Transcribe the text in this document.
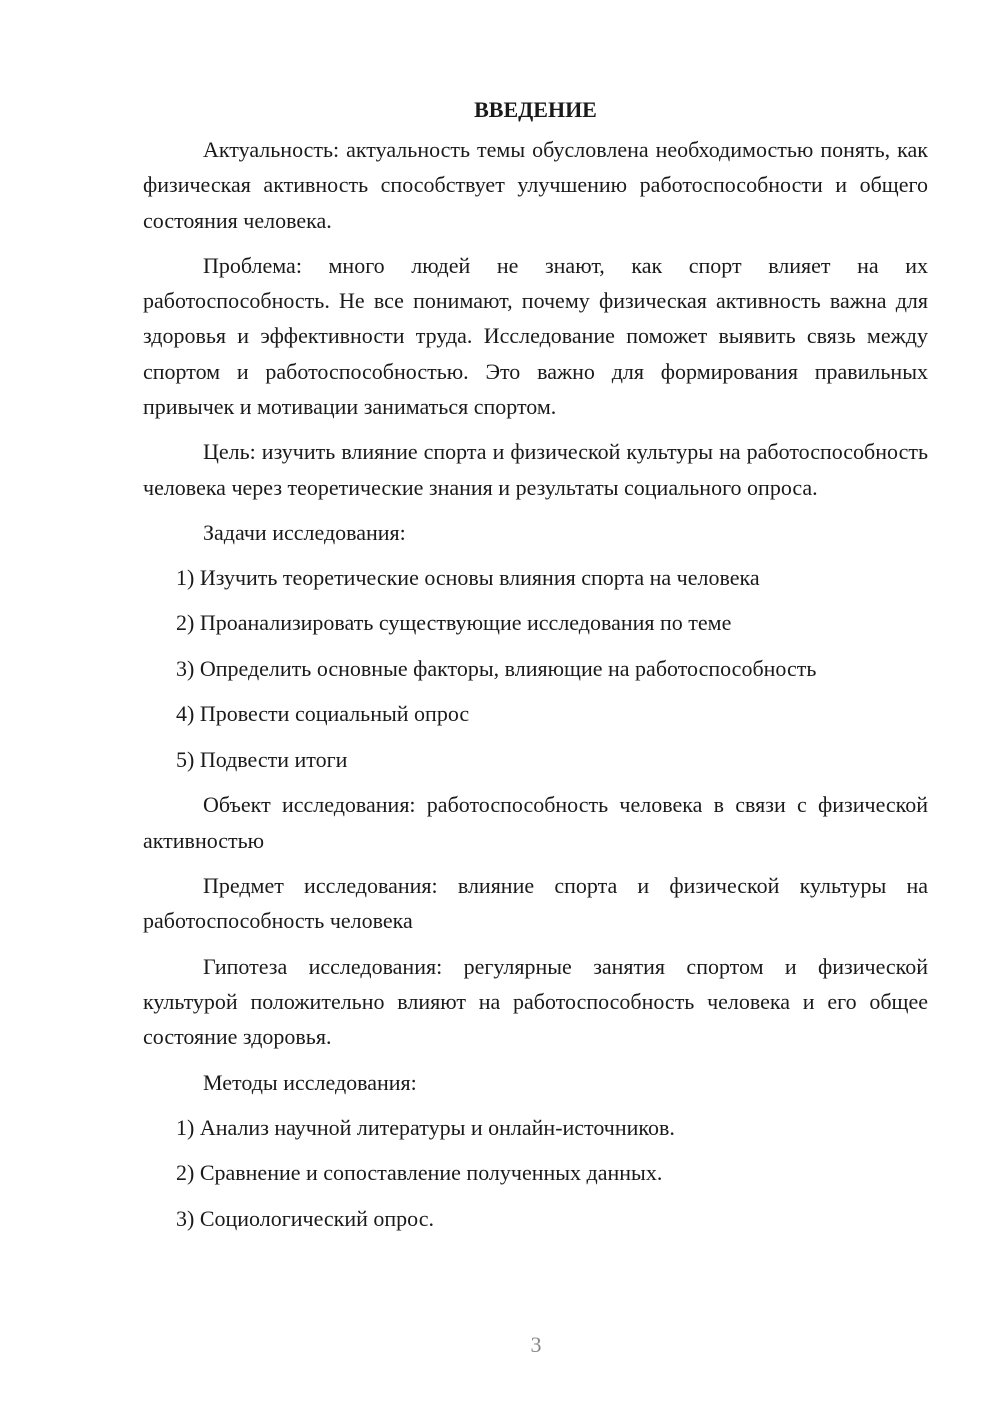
ВВЕДЕНИЕ

Актуальность: актуальность темы обусловлена необходимостью понять, как физическая активность способствует улучшению работоспособности и общего состояния человека.

Проблема: много людей не знают, как спорт влияет на их работоспособность. Не все понимают, почему физическая активность важна для здоровья и эффективности труда. Исследование поможет выявить связь между спортом и работоспособностью. Это важно для формирования правильных привычек и мотивации заниматься спортом.

Цель: изучить влияние спорта и физической культуры на работоспособность человека через теоретические знания и результаты социального опроса.

Задачи исследования:

1) Изучить теоретические основы влияния спорта на человека
2) Проанализировать существующие исследования по теме
3) Определить основные факторы, влияющие на работоспособность
4) Провести социальный опрос
5) Подвести итоги

Объект исследования: работоспособность человека в связи с физической активностью

Предмет исследования: влияние спорта и физической культуры на работоспособность человека

Гипотеза исследования: регулярные занятия спортом и физической культурой положительно влияют на работоспособность человека и его общее состояние здоровья.

Методы исследования:

1) Анализ научной литературы и онлайн-источников.
2) Сравнение и сопоставление полученных данных.
3) Социологический опрос.
3
